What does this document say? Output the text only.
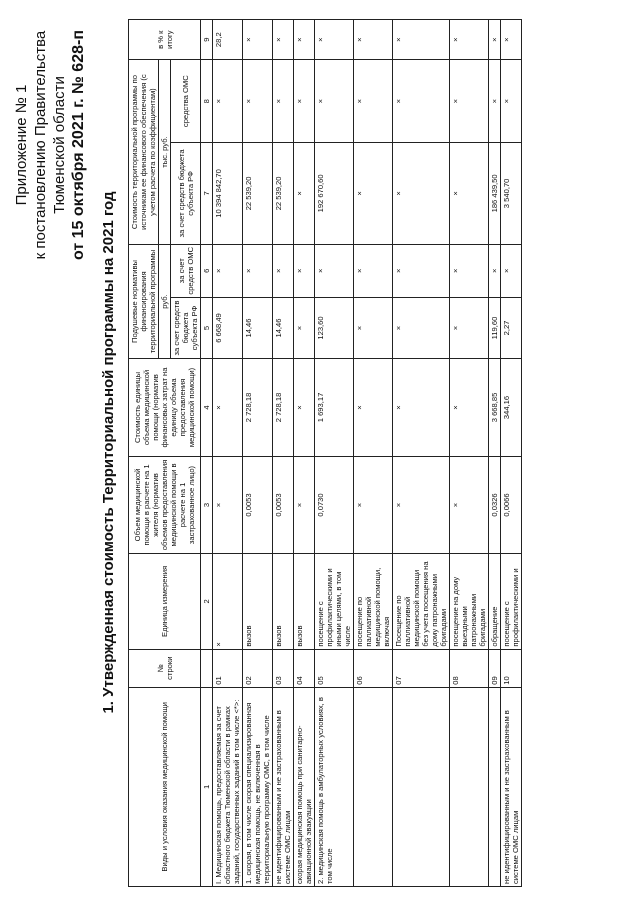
Приложение № 1 к постановлению Правительства Тюменской области от 15 октября 2021 г. № 628-п
1. Утвержденная стоимость Территориальной программы на 2021 год
Виды и условия оказания медицинской помощи	№ строки	Единица измерения	Объем медицинской помощи в расчете на 1 жителя (норматив объемов предоставления медицинской помощи в расчете на 1 застрахованное лицо)	Стоимость единицы объема медицинской помощи (норматив финансовых затрат на единицу объема предоставления медицинской помощи)	Подушевые нормативы финансирования территориальной программы		Стоимость территориальной программы по источникам ее финансового обеспечения (с учетом расчета по коэффициентам)		в % к итогу
					руб.		тыс. руб.		
					за счет средств бюджета субъекта РФ	за счет средств ОМС	за счет средств бюджета субъекта РФ	средства ОМС	
1		2	3	4	5	6	7	8	9
I. Медицинская помощь, предоставляемая за счет областного бюджета Тюменской области в рамках заданий, государственных заданий в том числе <*>:	01	×	×	×	6 668,49	×	10 394 842,70	×	28,2
1. скорая, в том числе скорая специализированная медицинская помощь, не включенная в территориальную программу ОМС, в том числе	02	вызов	0,0053	2 728,18	14,46	×	22 539,20	×	×
не идентифицированным и не застрахованным в системе ОМС лицам	03	вызов	0,0053	2 728,18	14,46	×	22 539,20	×	×
скорая медицинская помощь при санитарно-авиационной эвакуации	04	вызов	×	×	×	×	×	×	×
2. медицинская помощь в амбулаторных условиях, в том числе	05	посещение с профилактическими и иными целями, в том числе	0,0730	1 693,17	123,60	×	192 670,60	×	×
	06	посещение по паллиативной медицинской помощи, включая	×	×	×	×	×	×	×
	07	Посещение по паллиативной медицинской помощи без учета посещения на дому патронажными бригадами	×	×	×	×	×	×	×
	08	посещение на дому выездными патронажными бригадами	×	×	×	×	×	×	×
	09	обращение	0,0326	3 668,85	119,60	×	186 439,50	×	×
не идентифицированным и не застрахованным в системе ОМС лицам	10	посещение с профилактическими и	0,0066	344,16	2,27	×	3 540,70	×	×
